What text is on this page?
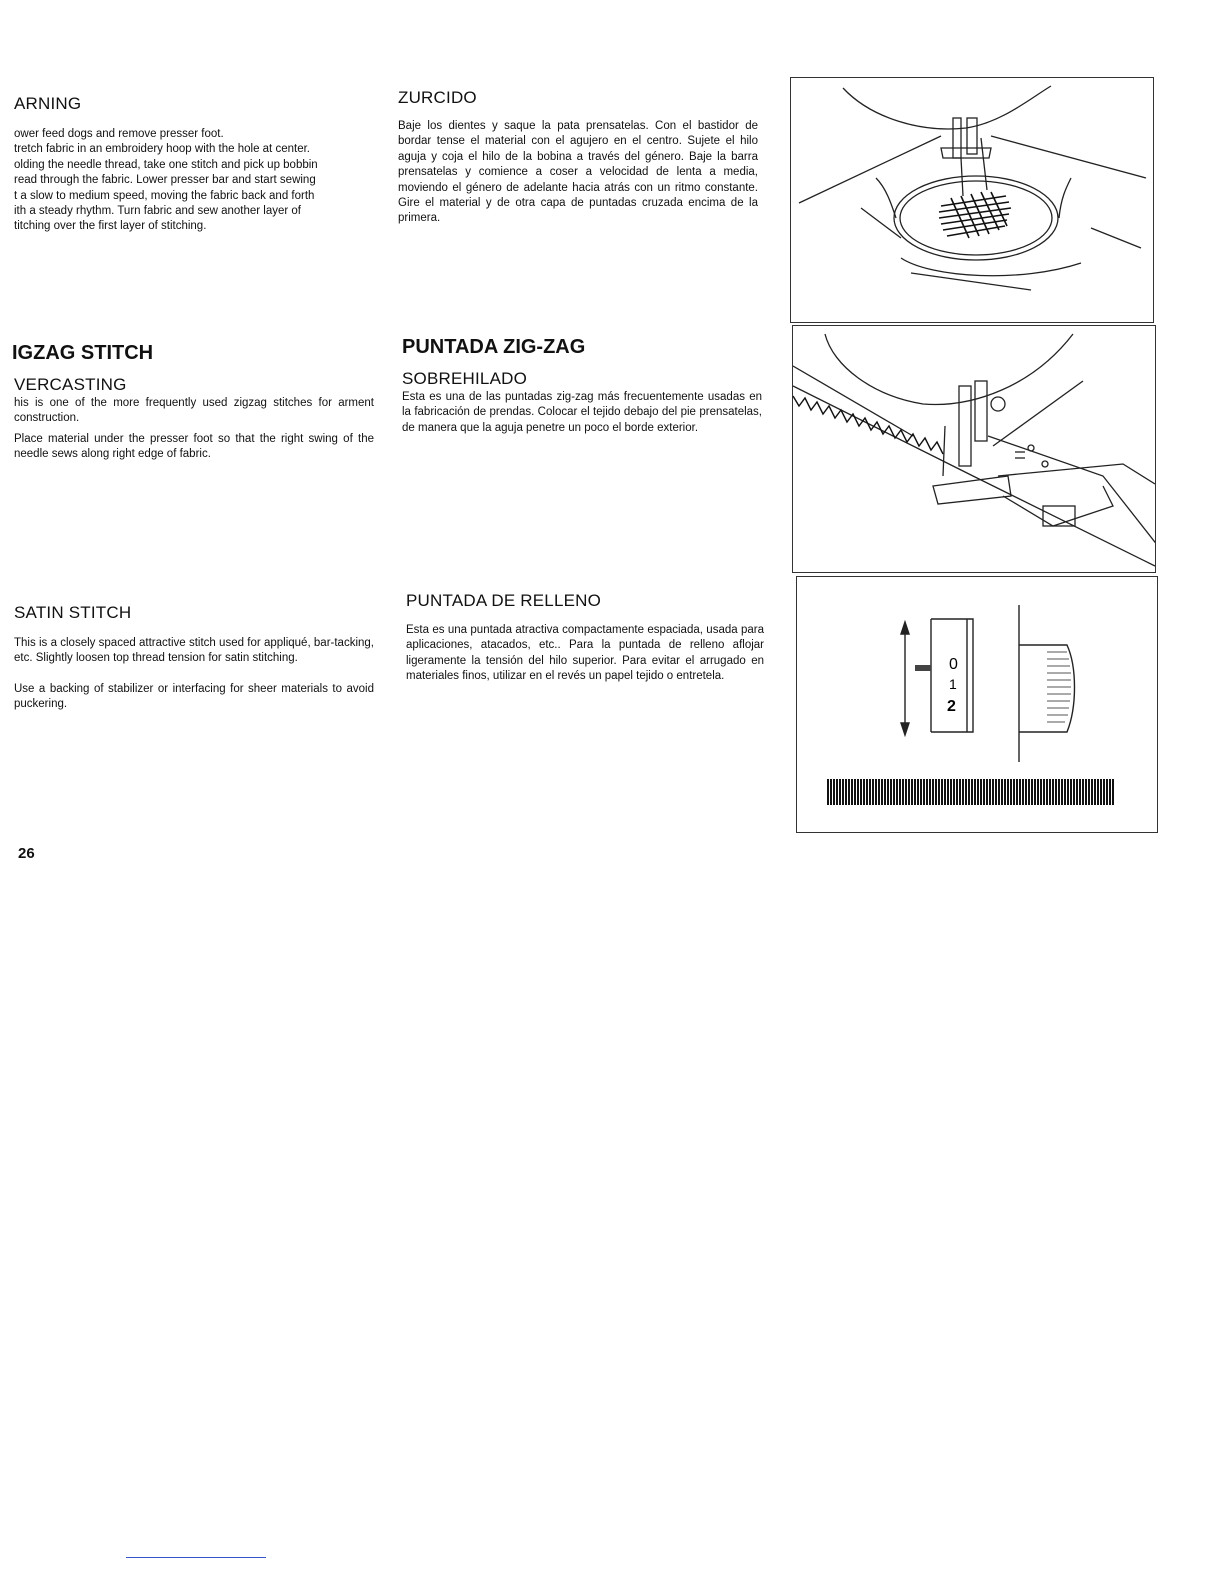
ARNING
ower feed dogs and remove presser foot.
tretch fabric in an embroidery hoop with the hole at center.
olding the needle thread, take one stitch and pick up bobbin
read through the fabric. Lower presser bar and start sewing
t a slow to medium speed, moving the fabric back and forth
ith a steady rhythm. Turn fabric and sew another layer of
titching over the first layer of stitching.
IGZAG STITCH
VERCASTING

his is one of the more frequently used zigzag stitches for arment construction.

Place material under the presser foot so that the right swing of the needle sews along right edge of fabric.

SATIN STITCH

This is a closely spaced attractive stitch used for appliqué, bar-tacking, etc. Slightly loosen top thread tension for satin stitching.

Use a backing of stabilizer or interfacing for sheer materials to avoid puckering.

ZURCIDO

Baje los dientes y saque la pata prensatelas. Con el bastidor de bordar tense el material con el agujero en el centro. Sujete el hilo aguja y coja el hilo de la bobina a través del género. Baje la barra prensatelas y comience a coser a velocidad de lenta a media, moviendo el género de adelante hacia atrás con un ritmo constante. Gire el material y de otra capa de puntadas cruzada encima de la primera.

PUNTADA ZIG-ZAG
SOBREHILADO

Esta es una de las puntadas zig-zag más frecuentemente usadas en la fabricación de prendas. Colocar el tejido debajo del pie prensatelas, de manera que la aguja penetre un poco el borde exterior.

PUNTADA DE RELLENO

Esta es una puntada atractiva compactamente espaciada, usada para aplicaciones, atacados, etc.. Para la puntada de relleno aflojar ligeramente la tensión del hilo superior. Para evitar el arrugado en materiales finos, utilizar en el revés un papel tejido o entretela.

0
1
2
26
